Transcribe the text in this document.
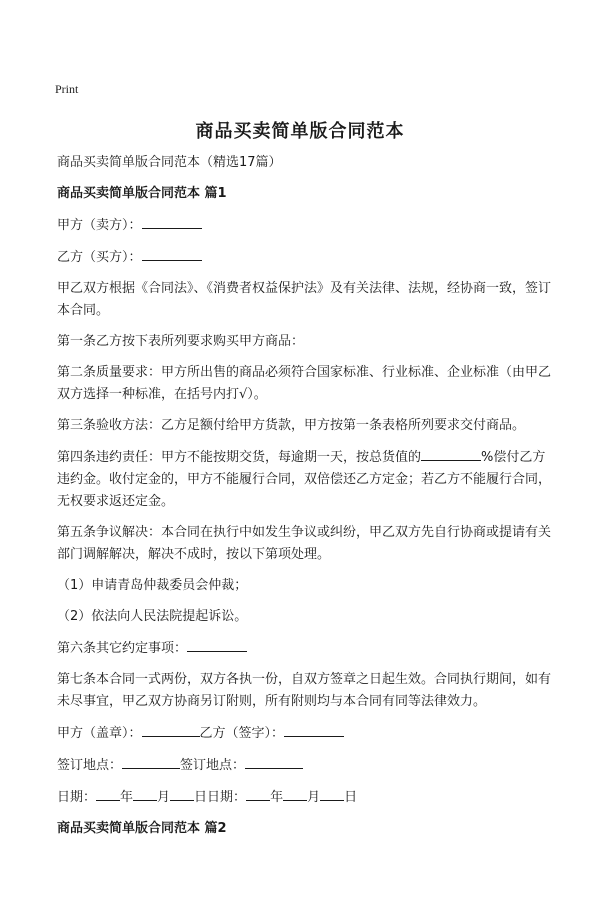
Print
商品买卖简单版合同范本

商品买卖简单版合同范本（精选17篇）

商品买卖简单版合同范本 篇1

甲方（卖方）：

乙方（买方）：

甲乙双方根据《合同法》、《消费者权益保护法》及有关法律、法规，经协商一致，签订本合同。

第一条乙方按下表所列要求购买甲方商品：

第二条质量要求：甲方所出售的商品必须符合国家标准、行业标准、企业标准（由甲乙双方选择一种标准，在括号内打√）。

第三条验收方法：乙方足额付给甲方货款，甲方按第一条表格所列要求交付商品。

第四条违约责任：甲方不能按期交货，每逾期一天，按总货值的	%偿付乙方违约金。收付定金的，甲方不能履行合同，双倍偿还乙方定金；若乙方不能履行合同，无权要求返还定金。

第五条争议解决：本合同在执行中如发生争议或纠纷，甲乙双方先自行协商或提请有关部门调解解决，解决不成时，按以下第项处理。

（1）申请青岛仲裁委员会仲裁；

（2）依法向人民法院提起诉讼。

第六条其它约定事项：

第七条本合同一式两份，双方各执一份，自双方签章之日起生效。合同执行期间，如有未尽事宜，甲乙双方协商另订附则，所有附则均与本合同有同等法律效力。

甲方（盖章）：	乙方（签字）：

签订地点：	签订地点：

日期： 年 月 日日期： 年 月 日

商品买卖简单版合同范本 篇2
